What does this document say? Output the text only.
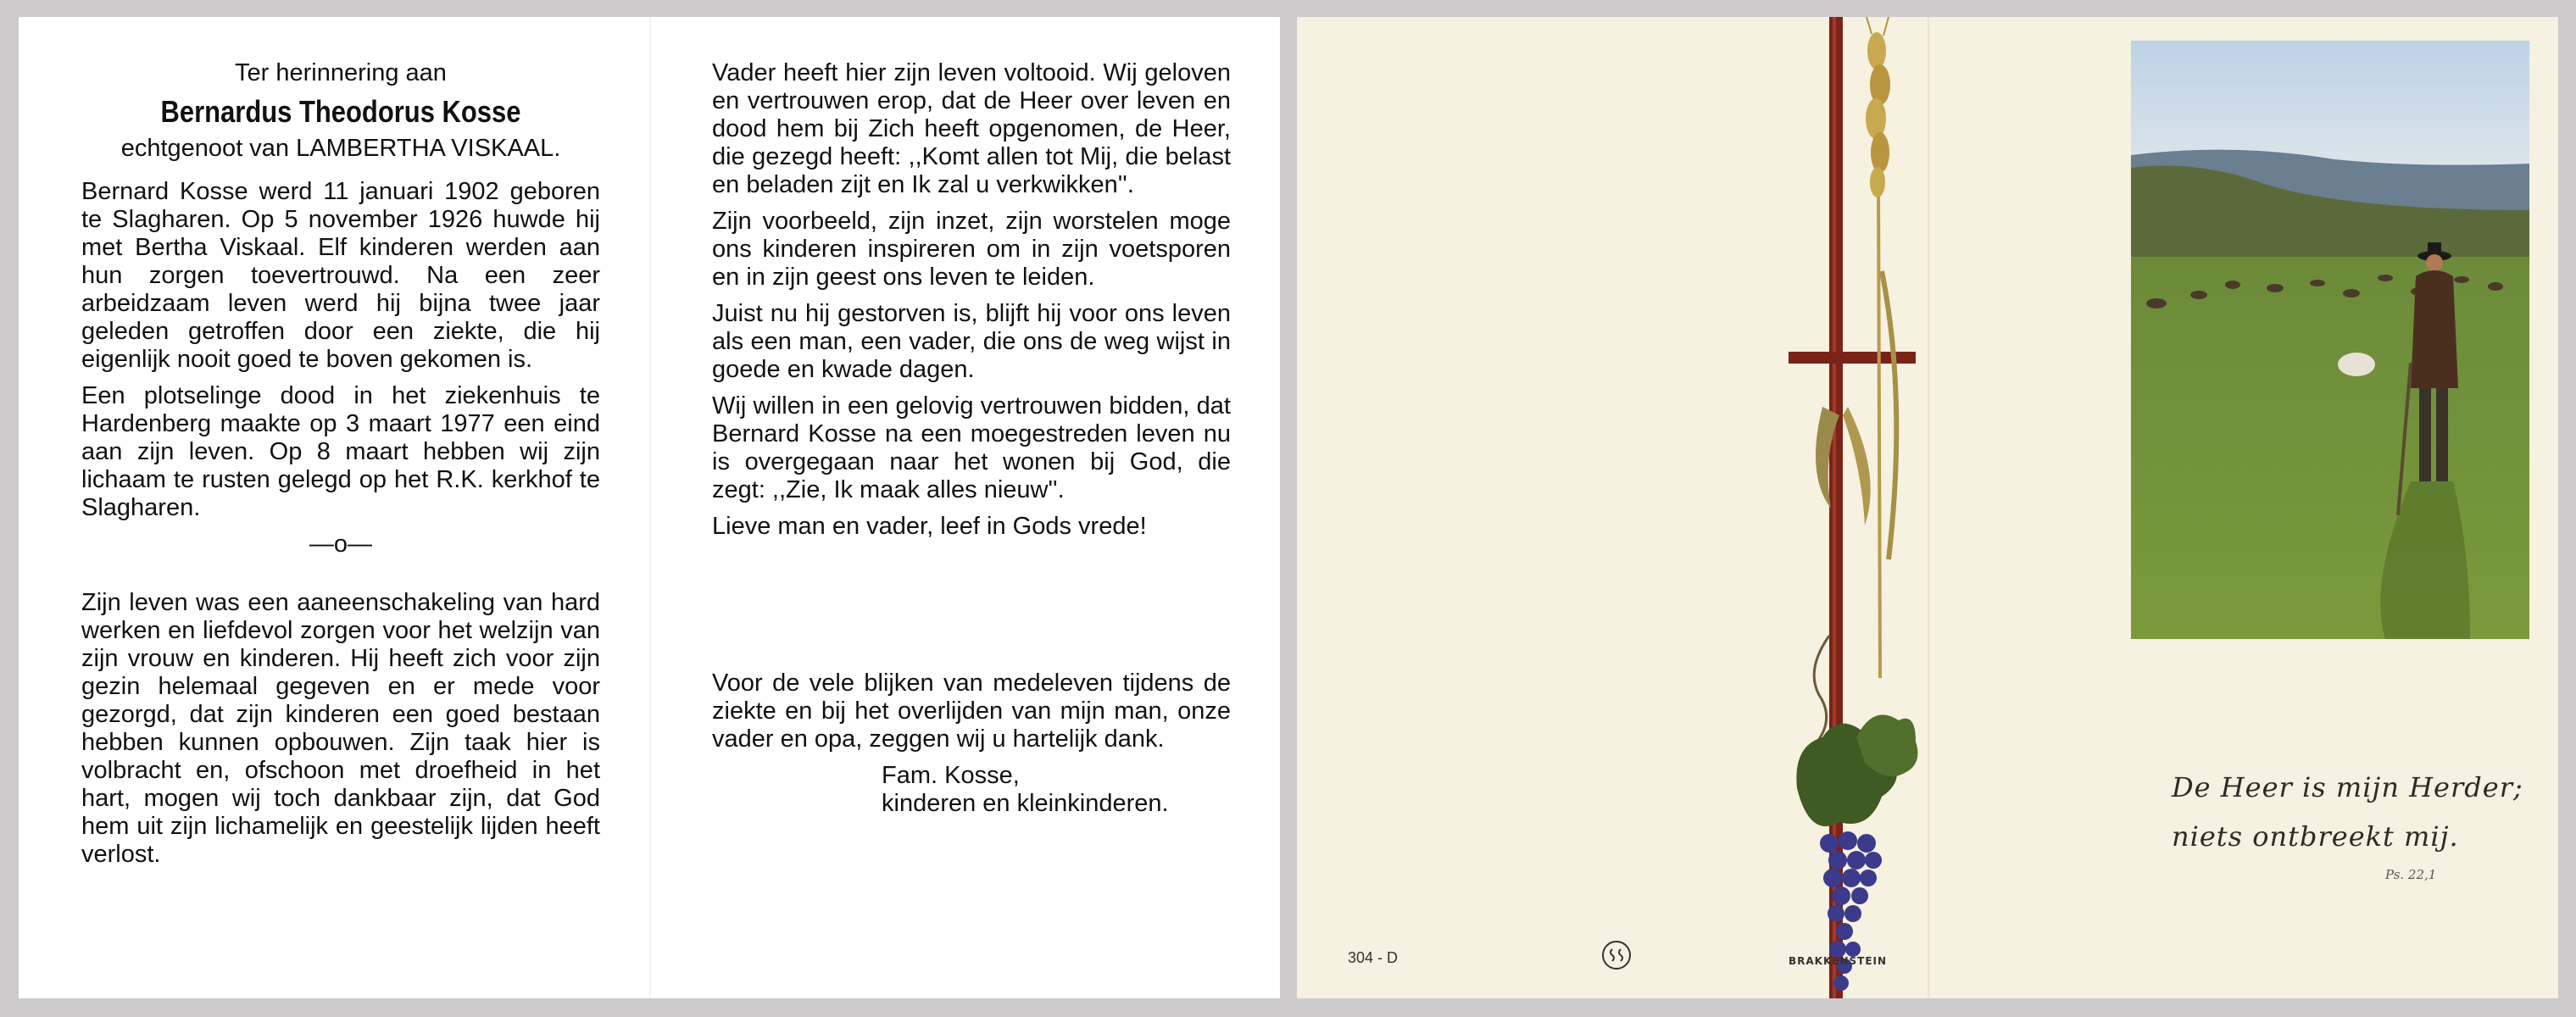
Ter herinnering aan

Bernardus Theodorus Kosse

echtgenoot van LAMBERTHA VISKAAL.

Bernard Kosse werd 11 januari 1902 geboren te Slagharen. Op 5 november 1926 huwde hij met Bertha Viskaal. Elf kinderen werden aan hun zorgen toevertrouwd. Na een zeer arbeidzaam leven werd hij bijna twee jaar geleden getroffen door een ziekte, die hij eigenlijk nooit goed te boven gekomen is.

Een plotselinge dood in het ziekenhuis te Hardenberg maakte op 3 maart 1977 een eind aan zijn leven. Op 8 maart hebben wij zijn lichaam te rusten gelegd op het R.K. kerkhof te Slagharen.

—o—

Zijn leven was een aaneenschakeling van hard werken en liefdevol zorgen voor het welzijn van zijn vrouw en kinderen. Hij heeft zich voor zijn gezin helemaal gegeven en er mede voor gezorgd, dat zijn kinderen een goed bestaan hebben kunnen opbouwen. Zijn taak hier is volbracht en, ofschoon met droefheid in het hart, mogen wij toch dankbaar zijn, dat God hem uit zijn lichamelijk en geestelijk lijden heeft verlost.

Vader heeft hier zijn leven voltooid. Wij geloven en vertrouwen erop, dat de Heer over leven en dood hem bij Zich heeft opgenomen, de Heer, die gezegd heeft: ,,Komt allen tot Mij, die belast en beladen zijt en Ik zal u verkwikken''.

Zijn voorbeeld, zijn inzet, zijn worstelen moge ons kinderen inspireren om in zijn voetsporen en in zijn geest ons leven te leiden.

Juist nu hij gestorven is, blijft hij voor ons leven als een man, een vader, die ons de weg wijst in goede en kwade dagen.

Wij willen in een gelovig vertrouwen bidden, dat Bernard Kosse na een moegestreden leven nu is overgegaan naar het wonen bij God, die zegt: ,,Zie, Ik maak alles nieuw''.

Lieve man en vader, leef in Gods vrede!

Voor de vele blijken van medeleven tijdens de ziekte en bij het overlijden van mijn man, onze vader en opa, zeggen wij u hartelijk dank.

Fam. Kosse,

kinderen en kleinkinderen.	De Heer is mijn Herder;
niets ontbreekt mij.
Ps. 22,1
304 - D	BRAKKENSTEIN
